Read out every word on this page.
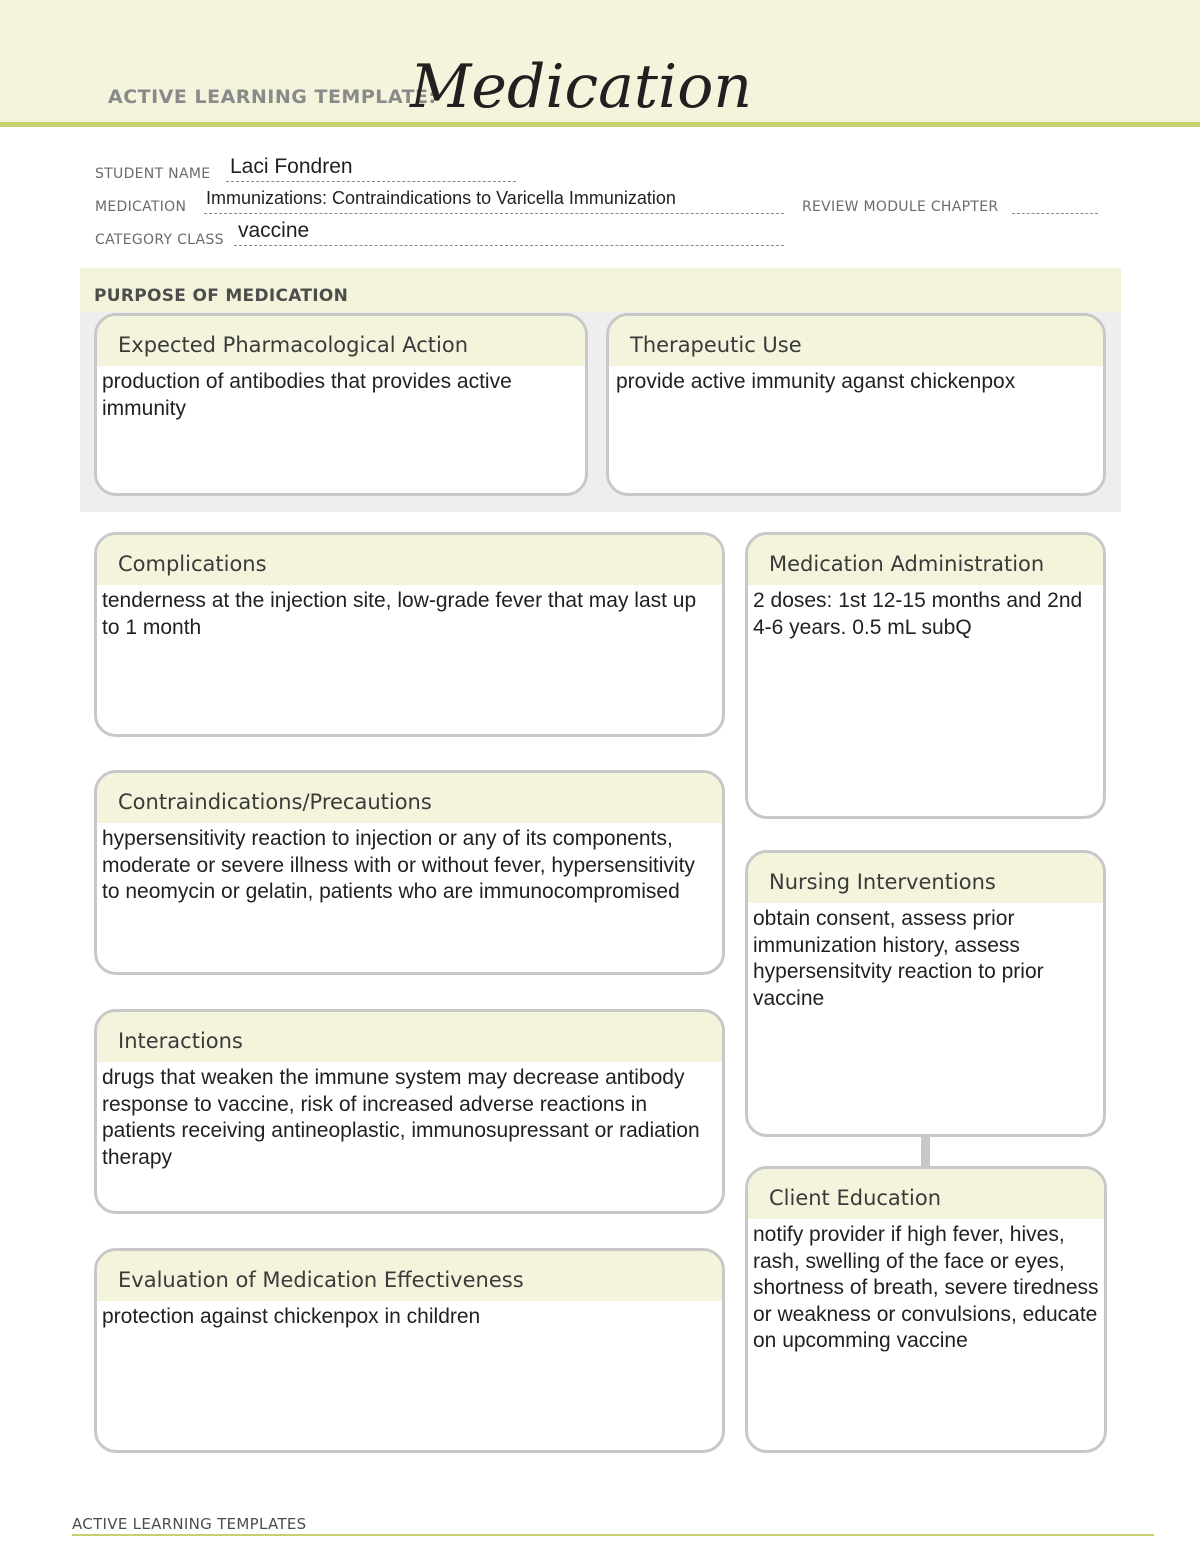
ACTIVE LEARNING TEMPLATE:
Medication
STUDENT NAME Laci Fondren
MEDICATION Immunizations: Contraindications to Varicella Immunization	REVIEW MODULE CHAPTER
CATEGORY CLASS vaccine
PURPOSE OF MEDICATION
Expected Pharmacological Action
production of antibodies that provides active immunity
Therapeutic Use
provide active immunity aganst chickenpox
Complications
tenderness at the injection site, low-grade fever that may last up to 1 month
Contraindications/Precautions
hypersensitivity reaction to injection or any of its components, moderate or severe illness with or without fever, hypersensitivity to neomycin or gelatin, patients who are immunocompromised
Interactions
drugs that weaken the immune system may decrease antibody response to vaccine, risk of increased adverse reactions in patients receiving antineoplastic, immunosupressant or radiation therapy
Evaluation of Medication Effectiveness
protection against chickenpox in children
Medication Administration
2 doses: 1st 12-15 months and 2nd 4-6 years. 0.5 mL subQ
Nursing Interventions
obtain consent, assess prior immunization history, assess hypersensitvity reaction to prior vaccine
Client Education
notify provider if high fever, hives, rash, swelling of the face or eyes, shortness of breath, severe tiredness or weakness or convulsions, educate on upcomming vaccine
ACTIVE LEARNING TEMPLATES
